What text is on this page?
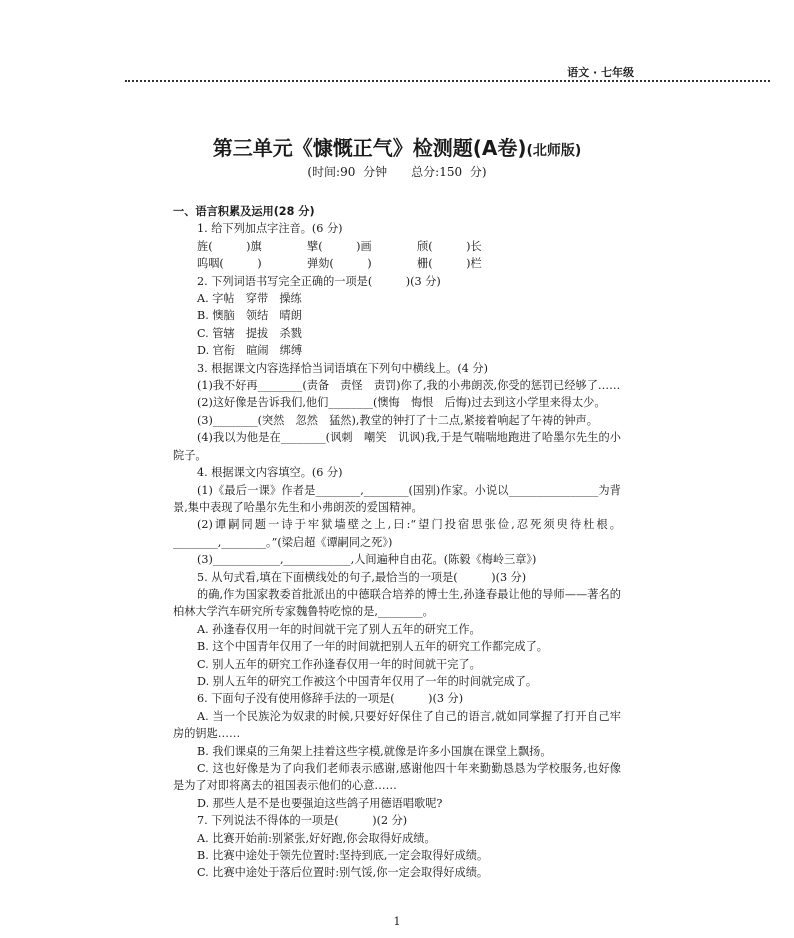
语文 · 七年级
第三单元《慷慨正气》检测题(A卷)(北师版)
(时间:90 分钟　　总分:150 分)
一、语言积累及运用(28 分)
1. 给下列加点字注音。(6 分)
旌(　　　)旗	擘(　　　)画	颀(　　　)长
呜咽(　　　)	弹劾(　　　)	栅(　　　)栏
2. 下列词语书写完全正确的一项是(　　　)(3 分)
A. 字帖　穿带　操练
B. 懊脑　领结　晴朗
C. 管辖　提拔　杀戮
D. 官衔　暄闹　绑缚
3. 根据课文内容选择恰当词语填在下列句中横线上。(4 分)
(1)我不好再________(责备　责怪　责罚)你了,我的小弗朗茨,你受的惩罚已经够了……
(2)这好像是告诉我们,他们________(懊悔　悔恨　后悔)过去到这小学里来得太少。
(3)________(突然　忽然　猛然),教堂的钟打了十二点,紧接着响起了午祷的钟声。
(4)我以为他是在________(讽刺　嘲笑　讥讽)我,于是气喘喘地跑进了哈墨尔先生的小院子。
4. 根据课文内容填空。(6 分)
(1)《最后一课》作者是________,________(国别)作家。小说以________________为背景,集中表现了哈墨尔先生和小弗朗茨的爱国精神。
(2)谭嗣同题一诗于牢狱墙壁之上,曰:“望门投宿思张俭,忍死须臾待杜根。________,________。”(梁启超《谭嗣同之死》)
(3)____________,____________,人间遍种自由花。(陈毅《梅岭三章》)
5. 从句式看,填在下面横线处的句子,最恰当的一项是(　　　)(3 分)
的确,作为国家教委首批派出的中德联合培养的博士生,孙逢春最让他的导师——著名的柏林大学汽车研究所专家魏鲁特吃惊的是,________。
A. 孙逢春仅用一年的时间就干完了别人五年的研究工作。
B. 这个中国青年仅用了一年的时间就把别人五年的研究工作都完成了。
C. 别人五年的研究工作孙逢春仅用一年的时间就干完了。
D. 别人五年的研究工作被这个中国青年仅用了一年的时间就完成了。
6. 下面句子没有使用修辞手法的一项是(　　　)(3 分)
A. 当一个民族沦为奴隶的时候,只要好好保住了自己的语言,就如同掌握了打开自己牢房的钥匙……
B. 我们课桌的三角架上挂着这些字模,就像是许多小国旗在课堂上飘扬。
C. 这也好像是为了向我们老师表示感谢,感谢他四十年来勤勤恳恳为学校服务,也好像是为了对即将离去的祖国表示他们的心意……
D. 那些人是不是也要强迫这些鸽子用德语唱歌呢?
7. 下列说法不得体的一项是(　　　)(2 分)
A. 比赛开始前:别紧张,好好跑,你会取得好成绩。
B. 比赛中途处于领先位置时:坚持到底,一定会取得好成绩。
C. 比赛中途处于落后位置时:别气馁,你一定会取得好成绩。
1
